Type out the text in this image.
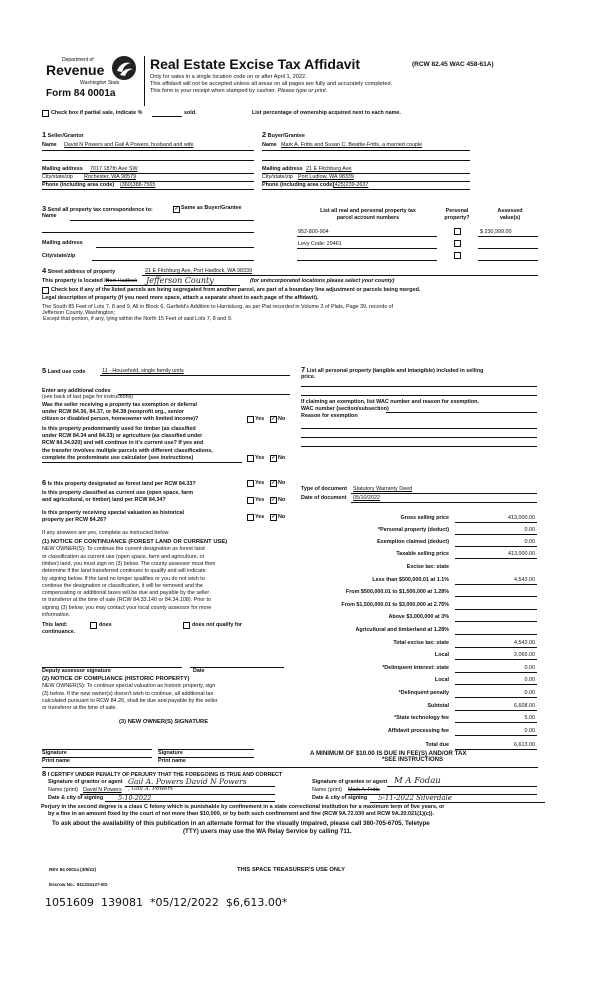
Department of
Revenue
Washington State
Form 84 0001a
Real Estate Excise Tax Affidavit	(RCW 82.45 WAC 458-61A)
Only for sales in a single location code on or after April 1, 2022.
This affidavit will not be accepted unless all areas on all pages are fully and accurately completed.
This form is your receipt when stamped by cashier. Please type or print.
Check box if partial sale, indicate %	sold.	List percentage of ownership acquired next to each name.
1 Seller/Grantor
Name David N Powers and Gail A Powers, husband and wife
Mailing address 7017 187th Ave SW
City/state/zip Rochester, WA 98579
Phone (including area code) (360)388-7565
2 Buyer/Grantee
Name Mark A. Fritts and Susan C. Beattie-Fritts, a married couple
Mailing address 21 E Fitchburg Ave
City/state/zip Port Ludlow, WA 98339
Phone (including area code)
(425)239-2637
3 Send all property tax correspondence to:	✓ Same as Buyer/Grantee
Name
Mailing address
City/state/zip
List all real and personal property tax
parcel account numbers
Personal
property?
Assessed
value(s)
952-800-904	$ 230,999.00
Levy Code: 29461
4 Street address of property	21 E Fitchburg Ave, Port Hadlock, WA 98339
This property is located in
Port-Hadlock Jefferson County	(for unincorporated locations please select your county)
Check box if any of the listed parcels are being segregated from another parcel, are part of a boundary line adjustment or parcels being merged.
Legal description of property (if you need more space, attach a separate sheet to each page of the affidavit).
The South 85 Feet of Lots 7, 8 and 9, All in Block 6, Garfield's Addition to Harrisburg, as per Plat recorded in Volume 2 of Plats, Page 39, records of
Jefferson County, Washington;
Except that portion, if any, lying within the North 15 Feet of said Lots 7, 8 and 9.
5 Land use code	11 - Household, single family units
Enter any additional codes
(see back of last page for instructions)
Was the seller receiving a property tax exemption or deferral
under RCW 84.36, 84.37, or 84.38 (nonprofit org., senior
citizen or disabled person, homeowner with limited income)?	Yes ✓ No
Is this property predominantly used for timber (as classified
under RCW 84.34 and 84.33) or agriculture (as classified under
RCW 84.34.020) and will continue in it's current use? If yes and
the transfer involves multiple parcels with different classifications,
complete the predominate use calculator (see instructions)	Yes ✓ No
6 Is this property designated as forest land per RCW 84.33?	Yes ✓ No
Is this property classified as current use (open space, farm
and agricultural, or timber) land per RCW 84.34?	Yes ✓ No
Is this property receiving special valuation as historical
property per RCW 84.26?	Yes ✓ No
If any answers are yes, complete as instructed below.
(1) NOTICE OF CONTINUANCE (FOREST LAND OR CURRENT USE)
NEW OWNER(S): To continue the current designation as forest land
or classification as current use (open space, farm and agriculture, or
timber) land, you must sign on (3) below. The county assessor must then
determine if the land transferred continues to qualify and will indicate
by signing below. If the land no longer qualifies or you do not wish to
continue the designation or classification, it will be removed and the
compensating or additional taxes will be due and payable by the seller
or transferor at the time of sale (RCW 84.33.140 or 84.34.108). Prior to
signing (3) below, you may contact your local county assessor for more
information.
This land:	does	does not qualify for
continuance.
Deputy assessor signature	Date
(2) NOTICE OF COMPLIANCE (HISTORIC PROPERTY)
NEW OWNER(S): To continue special valuation as historic property, sign
(3) below. If the new owner(s) doesn't wish to continue, all additional tax
calculated pursuant to RCW 84.26, shall be due and payable by the seller
or transferor at the time of sale.
(3) NEW OWNER(S) SIGNATURE
Signature	Signature
Print name	Print name
7 List all personal property (tangible and intangible) included in selling
price.
If claiming an exemption, list WAC number and reason for exemption.
WAC number (section/subsection)
Reason for exemption
Type of document Statutory Warranty Deed
Date of document 05/10/2022
Gross selling price	413,000.00
*Personal property (deduct)	0.00
Exemption claimed (deduct)	0.00
Taxable selling price	413,000.00
Excise tax: state
Less than $500,000.01 at 1.1%	4,543.00
From $500,000.01 to $1,500,000 at 1.28%
From $1,500,000.01 to $3,000,000 at 2.75%
Above $3,000,000 at 3%
Agricultural and timberland at 1.28%
Total excise tax: state	4,543.00
Local	2,065.00
*Delinquent interest: state	0.00
Local	0.00
*Delinquent penalty	0.00
Subtotal	6,608.00
*State technology fee	5.00
Affidavit processing fee	0.00
Total due	6,613.00
A MINIMUM OF $10.00 IS DUE IN FEE(S) AND/OR TAX
*SEE INSTRUCTIONS
8 I CERTIFY UNDER PENALTY OF PERJURY THAT THE FOREGOING IS TRUE AND CORRECT
Signature of grantor or agent Gail A. Powers David N Powers
Name (print) David N Powers , Gail A. Powers
Date & city of signing 5-10-2022
Signature of grantee or agent M A Fodau
Name (print) Mark A. Fritts
Date & city of signing 5-11-2022 Silverdale
Perjury in the second degree is a class C felony which is punishable by confinement in a state correctional institution for a maximum term of five years, or
by a fine in an amount fixed by the court of not more than $10,000, or by both such confinement and fine (RCW 9A.72.030 and RCW 9A.20.021(1)(c)).
To ask about the availability of this publication in an alternate format for the visually impaired, please call 360-705-6705. Teletype
(TTY) users may use the WA Relay Service by calling 711.
REV 84 0001a (3/8/22)	THIS SPACE TREASURER'S USE ONLY
Escrow No.: 811315127-EG
1051609  139081  *05/12/2022  $6,613.00*
